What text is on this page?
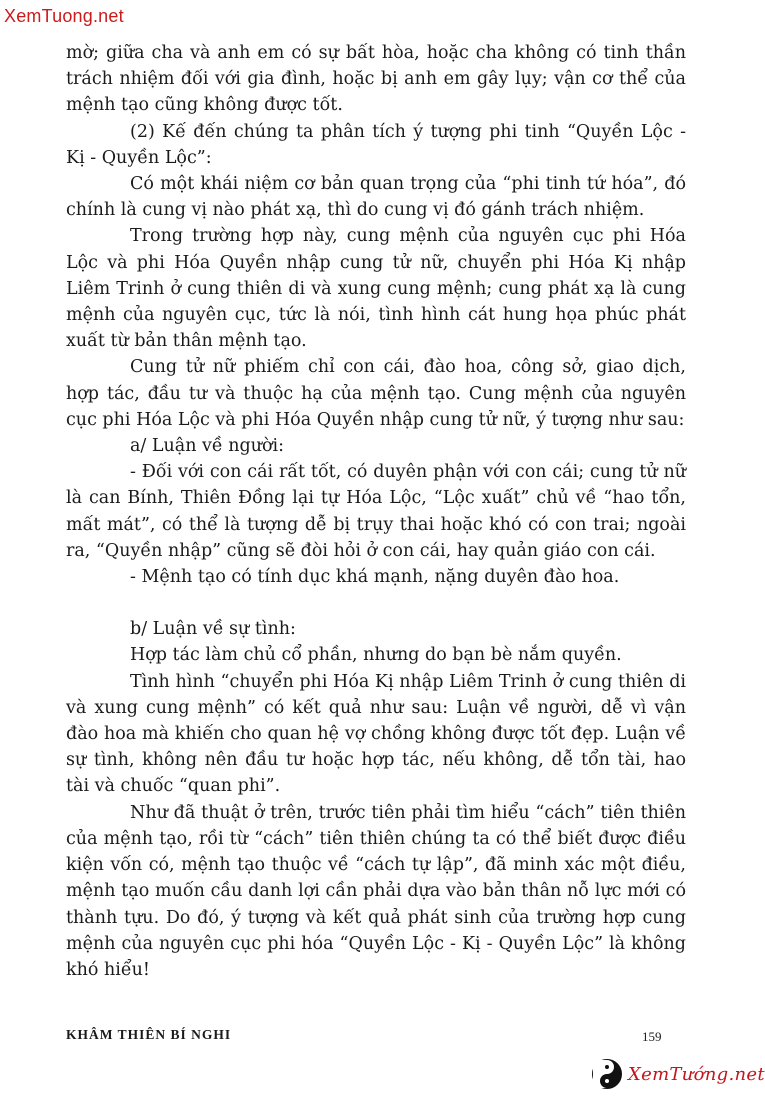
XemTuong.net

mờ; giữa cha và anh em có sự bất hòa, hoặc cha không có tinh thần trách nhiệm đối với gia đình, hoặc bị anh em gây lụy; vận cơ thể của mệnh tạo cũng không được tốt.

(2) Kế đến chúng ta phân tích ý tượng phi tinh “Quyền Lộc - Kị - Quyền Lộc”:

Có một khái niệm cơ bản quan trọng của “phi tinh tứ hóa”, đó chính là cung vị nào phát xạ, thì do cung vị đó gánh trách nhiệm.

Trong trường hợp này, cung mệnh của nguyên cục phi Hóa Lộc và phi Hóa Quyền nhập cung tử nữ, chuyển phi Hóa Kị nhập Liêm Trinh ở cung thiên di và xung cung mệnh; cung phát xạ là cung mệnh của nguyên cục, tức là nói, tình hình cát hung họa phúc phát xuất từ bản thân mệnh tạo.

Cung tử nữ phiếm chỉ con cái, đào hoa, công sở, giao dịch, hợp tác, đầu tư và thuộc hạ của mệnh tạo. Cung mệnh của nguyên cục phi Hóa Lộc và phi Hóa Quyền nhập cung tử nữ, ý tượng như sau:

a/ Luận về người:

- Đối với con cái rất tốt, có duyên phận với con cái; cung tử nữ là can Bính, Thiên Đồng lại tự Hóa Lộc, “Lộc xuất” chủ về “hao tổn, mất mát”, có thể là tượng dễ bị trụy thai hoặc khó có con trai; ngoài ra, “Quyền nhập” cũng sẽ đòi hỏi ở con cái, hay quản giáo con cái.

- Mệnh tạo có tính dục khá mạnh, nặng duyên đào hoa.

b/ Luận về sự tình:

Hợp tác làm chủ cổ phần, nhưng do bạn bè nắm quyền.

Tình hình “chuyển phi Hóa Kị nhập Liêm Trinh ở cung thiên di và xung cung mệnh” có kết quả như sau: Luận về người, dễ vì vận đào hoa mà khiến cho quan hệ vợ chồng không được tốt đẹp. Luận về sự tình, không nên đầu tư hoặc hợp tác, nếu không, dễ tổn tài, hao tài và chuốc “quan phi”.

Như đã thuật ở trên, trước tiên phải tìm hiểu “cách” tiên thiên của mệnh tạo, rồi từ “cách” tiên thiên chúng ta có thể biết được điều kiện vốn có, mệnh tạo thuộc về “cách tự lập”, đã minh xác một điều, mệnh tạo muốn cầu danh lợi cần phải dựa vào bản thân nỗ lực mới có thành tựu. Do đó, ý tượng và kết quả phát sinh của trường hợp cung mệnh của nguyên cục phi hóa “Quyền Lộc - Kị - Quyền Lộc” là không khó hiểu!

KHÂM THIÊN BÍ NGHI	159
XemTướng.net
